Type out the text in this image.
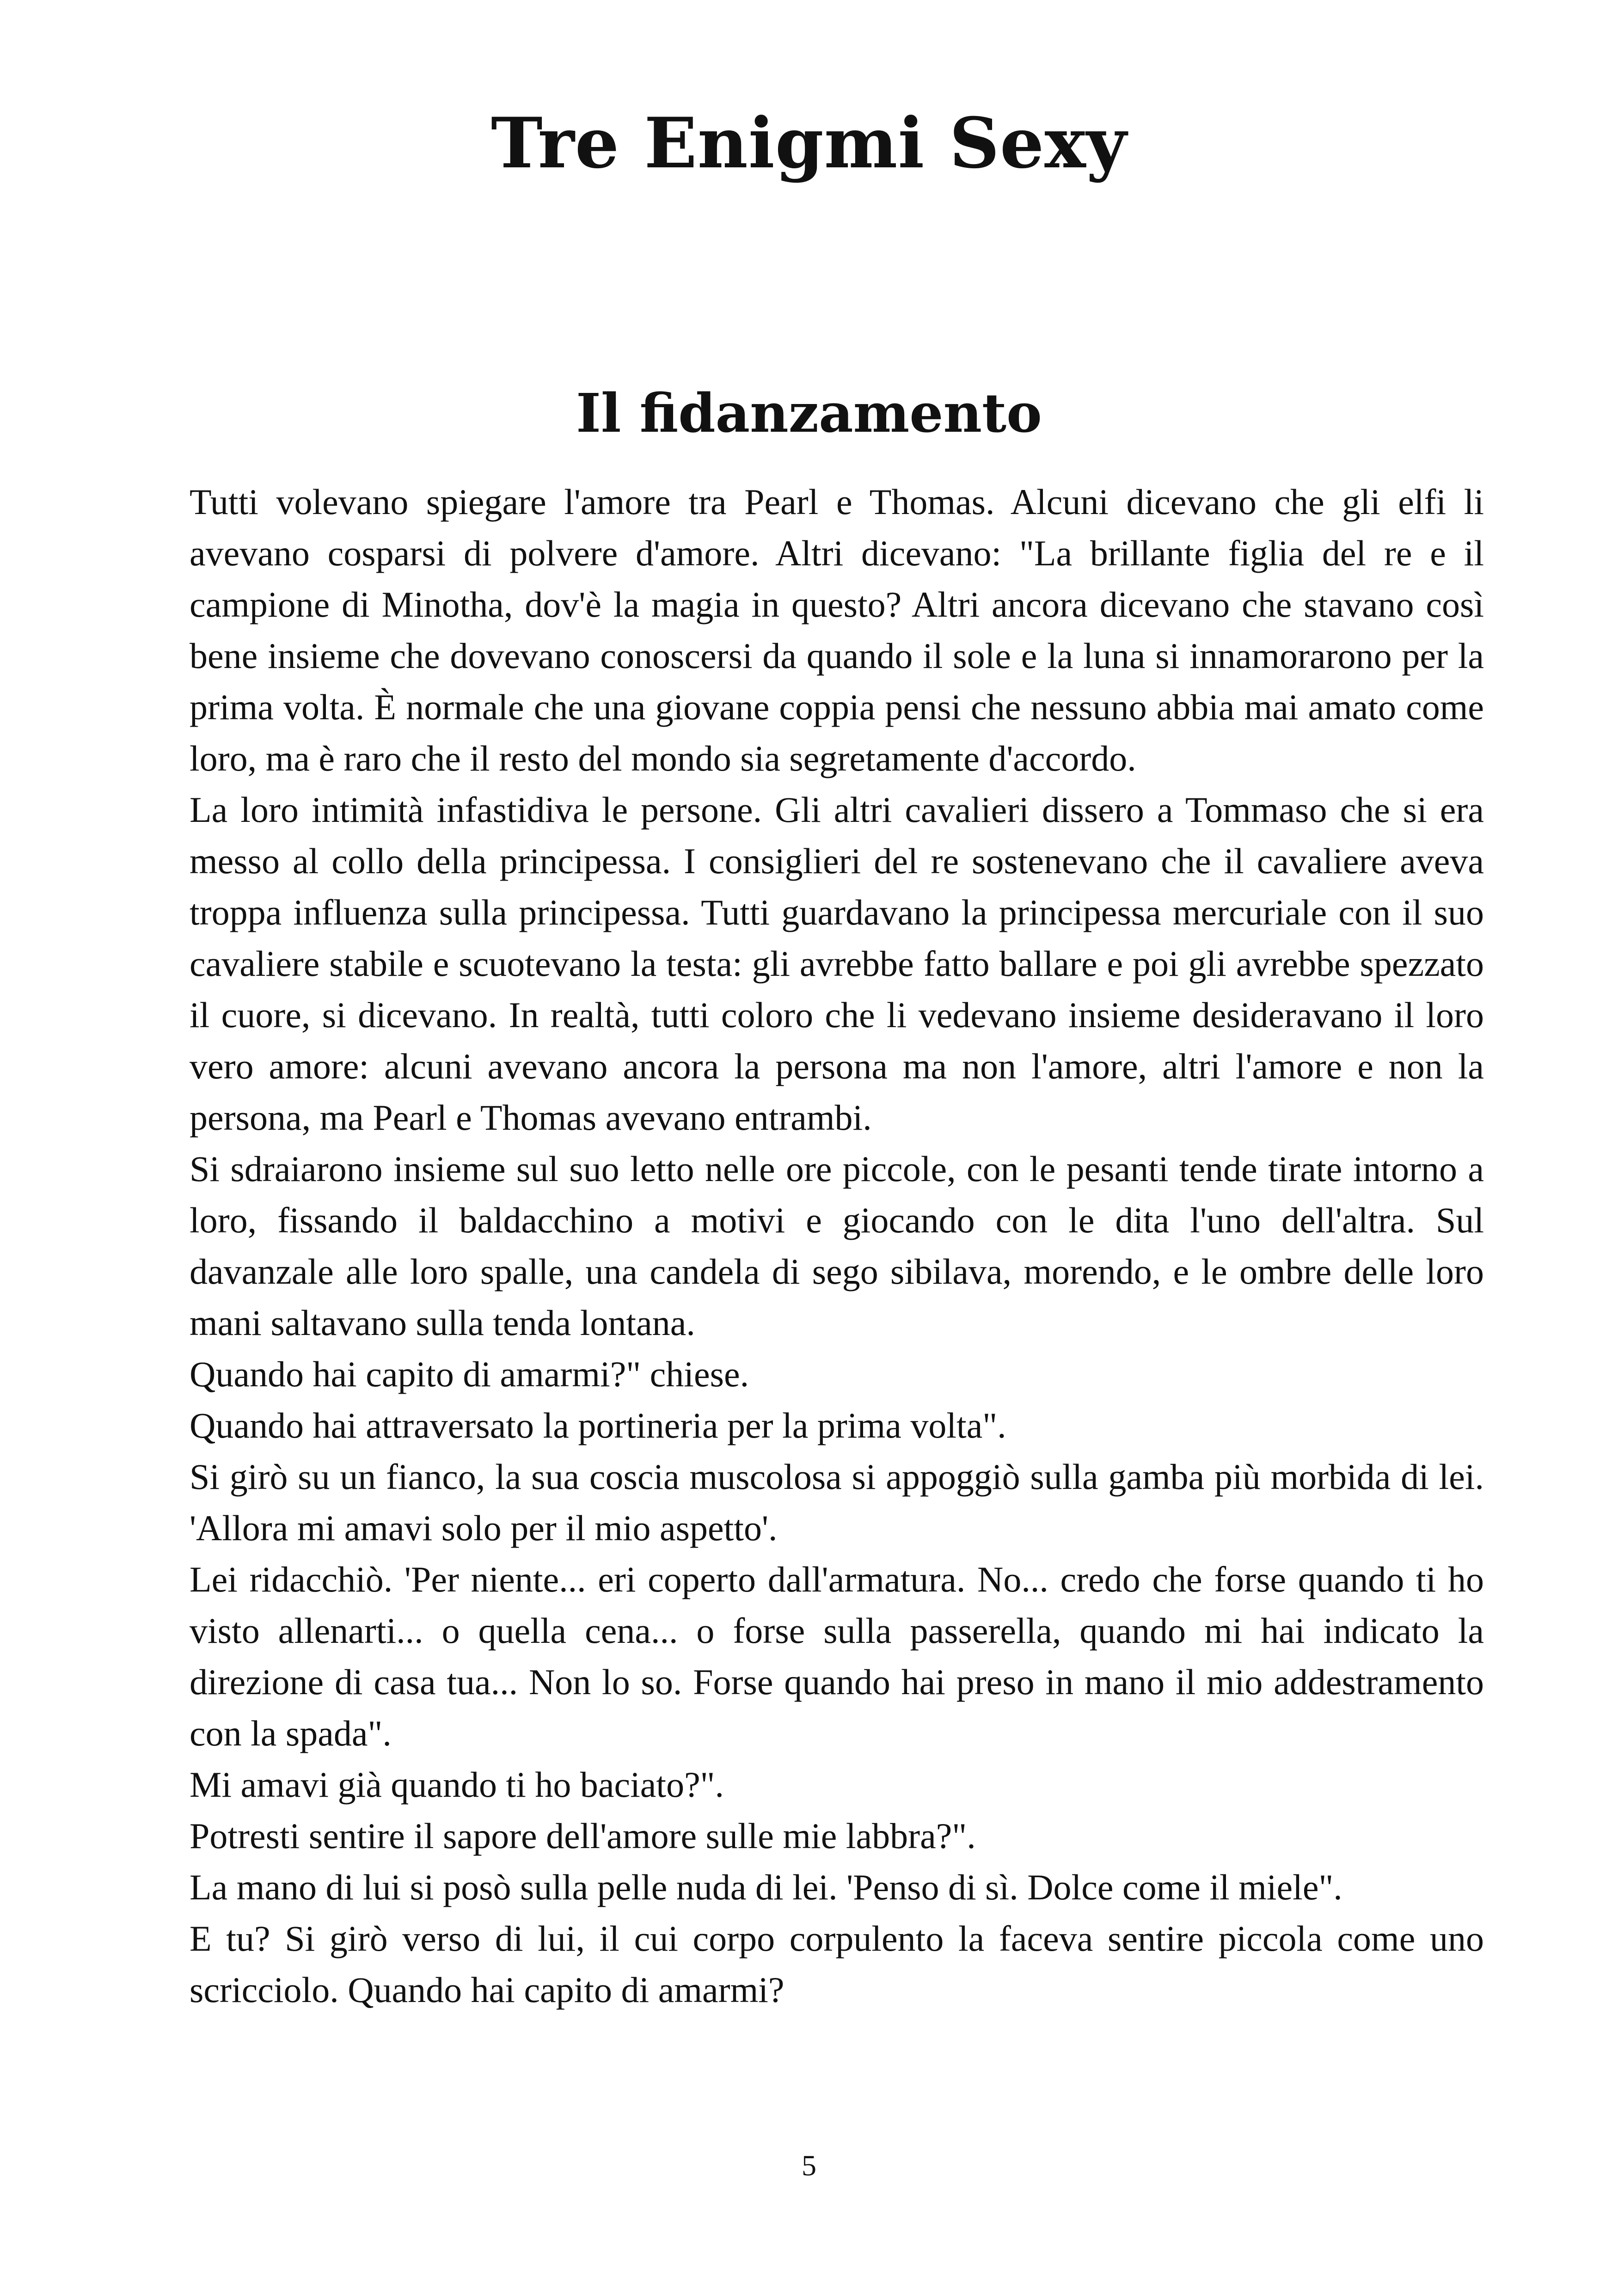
Tre Enigmi Sexy
Il fidanzamento

Tutti volevano spiegare l'amore tra Pearl e Thomas. Alcuni dicevano che gli elfi li avevano cosparsi di polvere d'amore. Altri dicevano: "La brillante figlia del re e il campione di Minotha, dov'è la magia in questo? Altri ancora dicevano che stavano così bene insieme che dovevano conoscersi da quando il sole e la luna si innamorarono per la prima volta. È normale che una giovane coppia pensi che nessuno abbia mai amato come loro, ma è raro che il resto del mondo sia segretamente d'accordo.

La loro intimità infastidiva le persone. Gli altri cavalieri dissero a Tommaso che si era messo al collo della principessa. I consiglieri del re sostenevano che il cavaliere aveva troppa influenza sulla principessa. Tutti guardavano la principessa mercuriale con il suo cavaliere stabile e scuotevano la testa: gli avrebbe fatto ballare e poi gli avrebbe spezzato il cuore, si dicevano. In realtà, tutti coloro che li vedevano insieme desideravano il loro vero amore: alcuni avevano ancora la persona ma non l'amore, altri l'amore e non la persona, ma Pearl e Thomas avevano entrambi.

Si sdraiarono insieme sul suo letto nelle ore piccole, con le pesanti tende tirate intorno a loro, fissando il baldacchino a motivi e giocando con le dita l'uno dell'altra. Sul davanzale alle loro spalle, una candela di sego sibilava, morendo, e le ombre delle loro mani saltavano sulla tenda lontana.

Quando hai capito di amarmi?" chiese.

Quando hai attraversato la portineria per la prima volta".

Si girò su un fianco, la sua coscia muscolosa si appoggiò sulla gamba più morbida di lei. 'Allora mi amavi solo per il mio aspetto'.

Lei ridacchiò. 'Per niente... eri coperto dall'armatura. No... credo che forse quando ti ho visto allenarti... o quella cena... o forse sulla passerella, quando mi hai indicato la direzione di casa tua... Non lo so. Forse quando hai preso in mano il mio addestramento con la spada".

Mi amavi già quando ti ho baciato?".

Potresti sentire il sapore dell'amore sulle mie labbra?".

La mano di lui si posò sulla pelle nuda di lei. 'Penso di sì. Dolce come il miele".

E tu? Si girò verso di lui, il cui corpo corpulento la faceva sentire piccola come uno scricciolo. Quando hai capito di amarmi?

5
